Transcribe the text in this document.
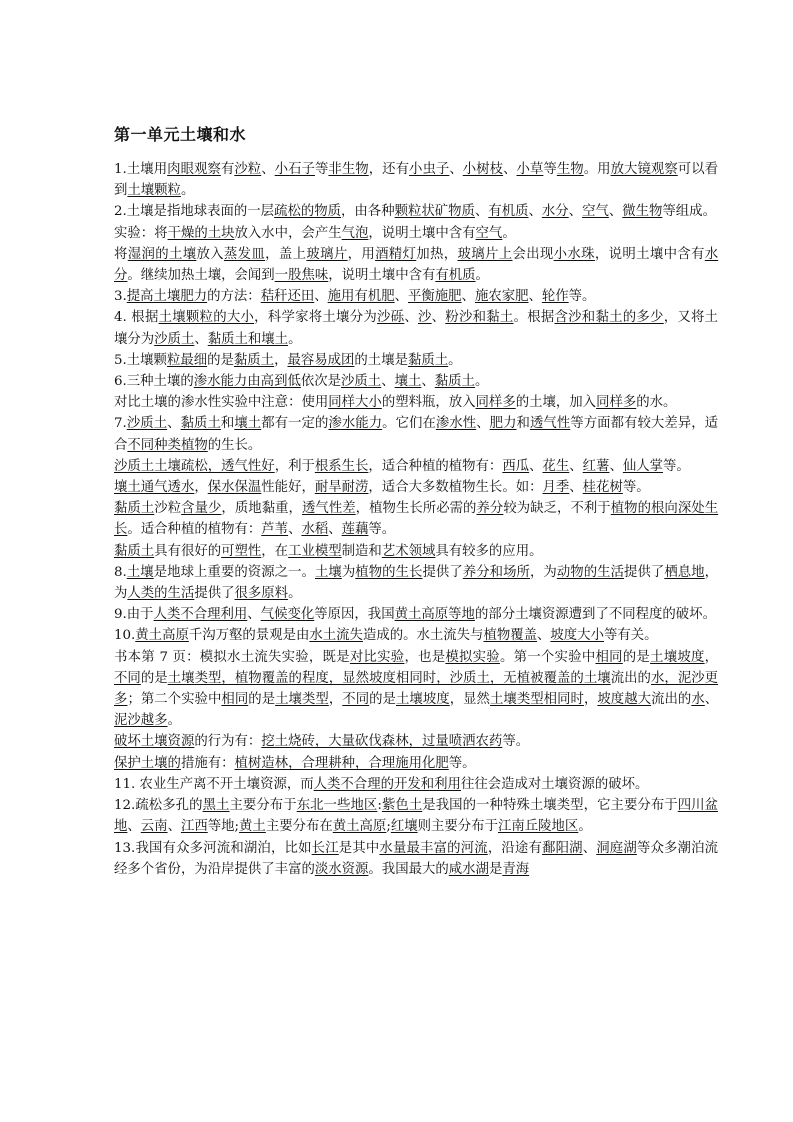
第一单元土壤和水

1.土壤用肉眼观察有沙粒、小石子等非生物，还有小虫子、小树枝、小草等生物。用放大镜观察可以看到土壤颗粒。

2.土壤是指地球表面的一层疏松的物质，由各种颗粒状矿物质、有机质、水分、空气、微生物等组成。

实验：将干燥的土块放入水中，会产生气泡，说明土壤中含有空气。

将湿润的土壤放入蒸发皿，盖上玻璃片，用酒精灯加热，玻璃片上会出现小水珠，说明土壤中含有水分。继续加热土壤，会闻到一股焦味，说明土壤中含有有机质。

3.提高土壤肥力的方法：秸秆还田、施用有机肥、平衡施肥、施农家肥、轮作等。

4. 根据土壤颗粒的大小，科学家将土壤分为沙砾、沙、粉沙和黏土。根据含沙和黏土的多少，又将土壤分为沙质土、黏质土和壤土。

5.土壤颗粒最细的是黏质土，最容易成团的土壤是黏质土。

6.三种土壤的渗水能力由高到低依次是沙质土、壤土、黏质土。

对比土壤的渗水性实验中注意：使用同样大小的塑料瓶，放入同样多的土壤，加入同样多的水。

7.沙质土、黏质土和壤土都有一定的渗水能力。它们在渗水性、肥力和透气性等方面都有较大差异，适合不同种类植物的生长。

沙质土土壤疏松，透气性好，利于根系生长，适合种植的植物有：西瓜、花生、红薯、仙人掌等。

壤土通气透水，保水保温性能好，耐旱耐涝，适合大多数植物生长。如：月季、桂花树等。

黏质土沙粒含量少，质地黏重，透气性差，植物生长所必需的养分较为缺乏，不利于植物的根向深处生长。适合种植的植物有：芦苇、水稻、莲藕等。

黏质土具有很好的可塑性，在工业模型制造和艺术领域具有较多的应用。

8.土壤是地球上重要的资源之一。土壤为植物的生长提供了养分和场所，为动物的生活提供了栖息地，为人类的生活提供了很多原料。

9.由于人类不合理利用、气候变化等原因，我国黄土高原等地的部分土壤资源遭到了不同程度的破坏。

10.黄土高原千沟万壑的景观是由水土流失造成的。水土流失与植物覆盖、坡度大小等有关。

书本第 7 页：模拟水土流失实验，既是对比实验，也是模拟实验。第一个实验中相同的是土壤坡度，不同的是土壤类型，植物覆盖的程度，显然坡度相同时，沙质土，无植被覆盖的土壤流出的水，泥沙更多；第二个实验中相同的是土壤类型，不同的是土壤坡度，显然土壤类型相同时，坡度越大流出的水、泥沙越多。

破坏土壤资源的行为有：挖土烧砖，大量砍伐森林，过量喷洒农药等。

保护土壤的措施有：植树造林，合理耕种，合理施用化肥等。

11. 农业生产离不开土壤资源，而人类不合理的开发和利用往往会造成对土壤资源的破坏。

12.疏松多孔的黑土主要分布于东北一些地区:紫色土是我国的一种特殊土壤类型，它主要分布于四川盆地、云南、江西等地;黄土主要分布在黄土高原;红壤则主要分布于江南丘陵地区。

13.我国有众多河流和湖泊，比如长江是其中水量最丰富的河流，沿途有鄱阳湖、洞庭湖等众多潮泊流经多个省份，为沿岸提供了丰富的淡水资源。我国最大的咸水湖是青海
